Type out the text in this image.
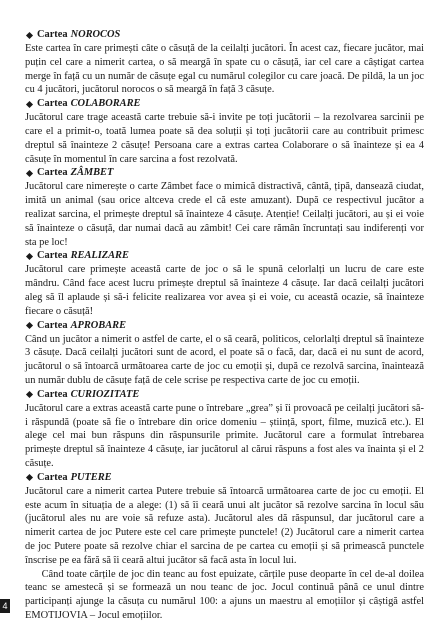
Cartea NOROCOS

Este cartea în care primești câte o căsuță de la ceilalți jucători. În acest caz, fiecare jucător, mai puțin cel care a nimerit cartea, o să meargă în spate cu o căsuță, iar cel care a câștigat cartea merge în față cu un număr de căsuțe egal cu numărul colegilor cu care joacă. De pildă, la un joc cu 4 jucători, jucătorul norocos o să meargă în față 3 căsuțe.

Cartea COLABORARE

Jucătorul care trage această carte trebuie să-i invite pe toți jucătorii – la rezolvarea sarcinii pe care el a primit-o, toată lumea poate să dea soluții și toți jucătorii care au contribuit primesc dreptul să înainteze 2 căsuțe! Persoana care a extras cartea Colaborare o să înainteze și ea 4 căsuțe în momentul în care sarcina a fost rezolvată.

Cartea ZÂMBET

Jucătorul care nimerește o carte Zâmbet face o mimică distractivă, cântă, țipă, dansează ciudat, imită un animal (sau orice altceva crede el că este amuzant). După ce respectivul jucător a realizat sarcina, el primește dreptul să înainteze 4 căsuțe. Atenție! Ceilalți jucători, au și ei voie să înainteze o căsuță, dar numai dacă au zâmbit! Cei care rămân încruntați sau indiferenți vor sta pe loc!

Cartea REALIZARE

Jucătorul care primește această carte de joc o să le spună celorlalți un lucru de care este mândru. Când face acest lucru primește dreptul să înainteze 4 căsuțe. Iar dacă ceilalți jucători aleg să îl aplaude și să-i felicite realizarea vor avea și ei voie, cu această ocazie, să înainteze fiecare o căsuță!

Cartea APROBARE

Când un jucător a nimerit o astfel de carte, el o să ceară, politicos, celorlalți dreptul să înainteze 3 căsuțe. Dacă ceilalți jucători sunt de acord, el poate să o facă, dar, dacă ei nu sunt de acord, jucătorul o să întoarcă următoarea carte de joc cu emoții și, după ce rezolvă sarcina, înaintează un număr dublu de căsuțe față de cele scrise pe respectiva carte de joc cu emoții.

Cartea CURIOZITATE

Jucătorul care a extras această carte pune o întrebare „grea” și îi provoacă pe ceilalți jucători să-i răspundă (poate să fie o întrebare din orice domeniu – știință, sport, filme, muzică etc.). El alege cel mai bun răspuns din răspunsurile primite. Jucătorul care a formulat întrebarea primește dreptul să înainteze 4 căsuțe, iar jucătorul al cărui răspuns a fost ales va înainta și el 2 căsuțe.

Cartea PUTERE

Jucătorul care a nimerit cartea Putere trebuie să întoarcă următoarea carte de joc cu emoții. El este acum în situația de a alege: (1) să îi ceară unui alt jucător să rezolve sarcina în locul său (jucătorul ales nu are voie să refuze asta). Jucătorul ales dă răspunsul, dar jucătorul care a nimerit cartea de joc Putere este cel care primește punctele! (2) Jucătorul care a nimerit cartea de joc Putere poate să rezolve chiar el sarcina de pe cartea cu emoții și să primească punctele înscrise pe ea fără să îi ceară altui jucător să facă asta în locul lui.

Când toate cărțile de joc din teanc au fost epuizate, cărțile puse deoparte în cel de-al doilea teanc se amestecă și se formează un nou teanc de joc. Jocul continuă până ce unul dintre participanți ajunge la căsuța cu numărul 100: a ajuns un maestru al emoțiilor și câștigă astfel EMOTIJOVIA – Jocul emoțiilor.

4
